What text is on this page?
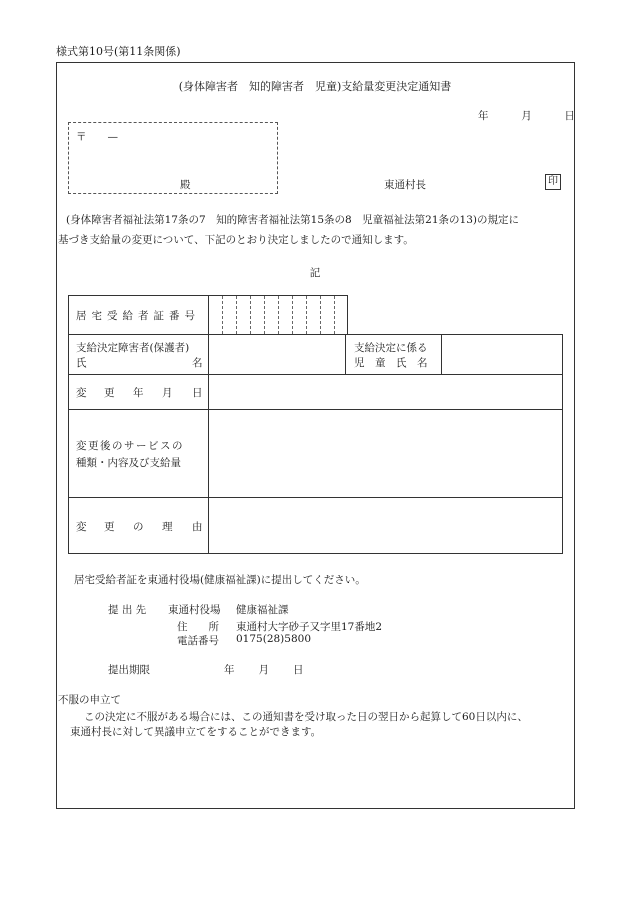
様式第10号(第11条関係)
(身体障害者　知的障害者　児童)支給量変更決定通知書
年	月	日
〒　　—
殿	東通村長	印
(身体障害者福祉法第17条の7　知的障害者福祉法第15条の8　児童福祉法第21条の13)の規定に
基づき支給量の変更について、下記のとおり決定しましたので通知します。
記
居宅受給者証番号
支給決定障害者(保護者)
氏	名
支給決定に係る
児　童　氏　名
変 更 年 月 日
変更後のサービスの
種類・内容及び支給量
変 更 の 理 由
居宅受給者証を東通村役場(健康福祉課)に提出してください。
提 出 先 東通村役場 健康福祉課
住　　所 東通村大字砂子又字里17番地2
電話番号 0175(28)5800
提出期限	年 月 日
不服の申立て
この決定に不服がある場合には、この通知書を受け取った日の翌日から起算して60日以内に、
東通村長に対して異議申立てをすることができます。
